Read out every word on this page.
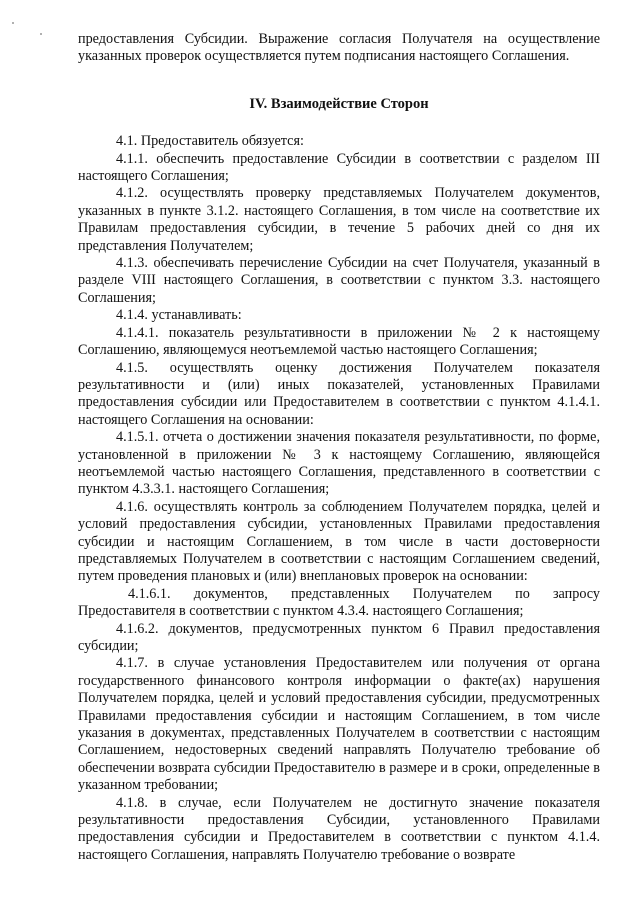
предоставления Субсидии. Выражение согласия Получателя на осуществление указанных проверок осуществляется путем подписания настоящего Соглашения.

IV. Взаимодействие Сторон

4.1. Предоставитель обязуется:

4.1.1. обеспечить предоставление Субсидии в соответствии с разделом III настоящего Соглашения;

4.1.2. осуществлять проверку представляемых Получателем документов, указанных в пункте 3.1.2. настоящего Соглашения, в том числе на соответствие их Правилам предоставления субсидии, в течение 5 рабочих дней со дня их представления Получателем;

4.1.3. обеспечивать перечисление Субсидии на счет Получателя, указанный в разделе VIII настоящего Соглашения, в соответствии с пунктом 3.3. настоящего Соглашения;

4.1.4. устанавливать:

4.1.4.1. показатель результативности в приложении № 2 к настоящему Соглашению, являющемуся неотъемлемой частью настоящего Соглашения;

4.1.5. осуществлять оценку достижения Получателем показателя результативности и (или) иных показателей, установленных Правилами предоставления субсидии или Предоставителем в соответствии с пунктом 4.1.4.1. настоящего Соглашения на основании:

4.1.5.1. отчета о достижении значения показателя результативности, по форме, установленной в приложении № 3 к настоящему Соглашению, являющейся неотъемлемой частью настоящего Соглашения, представленного в соответствии с пунктом 4.3.3.1. настоящего Соглашения;

4.1.6. осуществлять контроль за соблюдением Получателем порядка, целей и условий предоставления субсидии, установленных Правилами предоставления субсидии и настоящим Соглашением, в том числе в части достоверности представляемых Получателем в соответствии с настоящим Соглашением сведений, путем проведения плановых и (или) внеплановых проверок на основании:

4.1.6.1. документов, представленных Получателем по запросу Предоставителя в соответствии с пунктом 4.3.4. настоящего Соглашения;

4.1.6.2. документов, предусмотренных пунктом 6 Правил предоставления субсидии;

4.1.7. в случае установления Предоставителем или получения от органа государственного финансового контроля информации о факте(ах) нарушения Получателем порядка, целей и условий предоставления субсидии, предусмотренных Правилами предоставления субсидии и настоящим Соглашением, в том числе указания в документах, представленных Получателем в соответствии с настоящим Соглашением, недостоверных сведений направлять Получателю требование об обеспечении возврата субсидии Предоставителю в размере и в сроки, определенные в указанном требовании;

4.1.8. в случае, если Получателем не достигнуто значение показателя результативности предоставления Субсидии, установленного Правилами предоставления субсидии и Предоставителем в соответствии с пунктом 4.1.4. настоящего Соглашения, направлять Получателю требование о возврате
